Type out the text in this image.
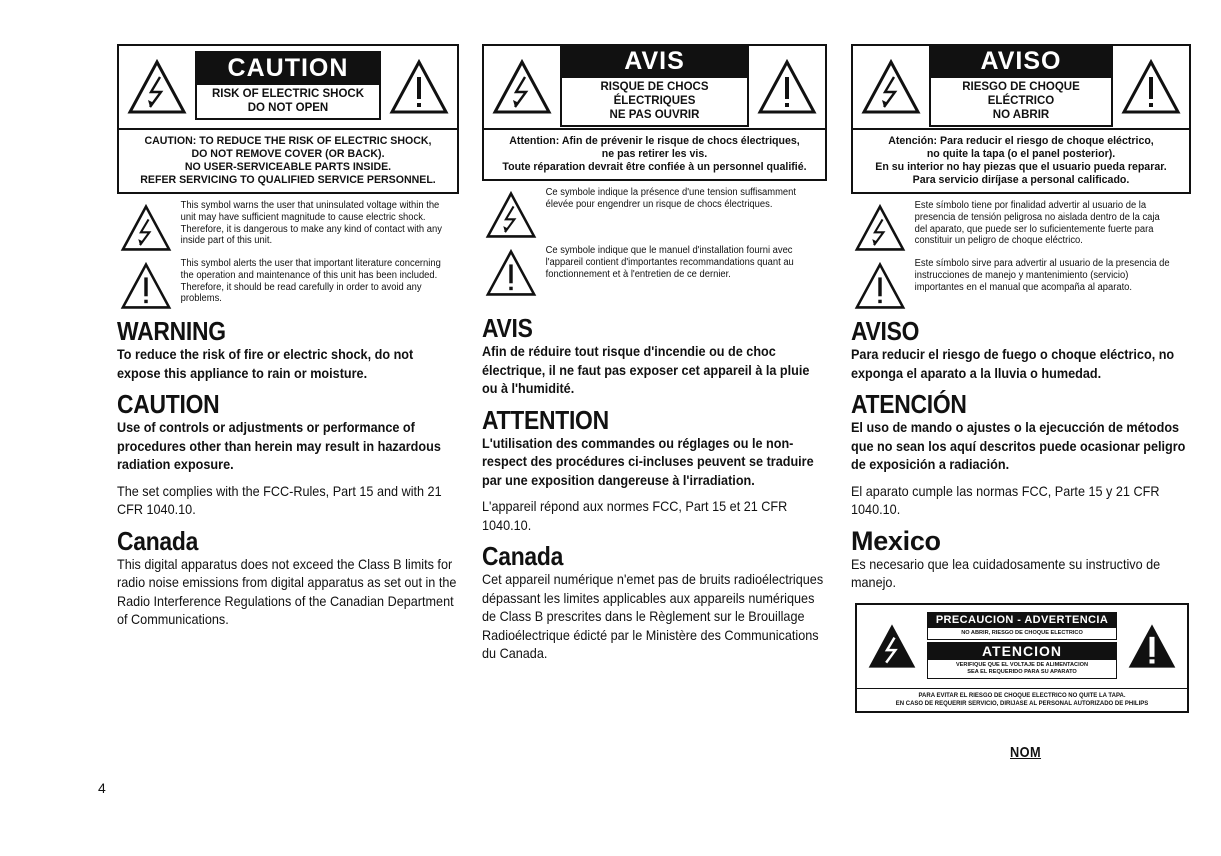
CAUTION
RISK OF ELECTRIC SHOCK
DO NOT OPEN
CAUTION: TO REDUCE THE RISK OF ELECTRIC SHOCK,
DO NOT REMOVE COVER (OR BACK).
NO USER-SERVICEABLE PARTS INSIDE.
REFER SERVICING TO QUALIFIED SERVICE PERSONNEL.
This symbol warns the user that uninsulated voltage within the unit may have sufficient magnitude to cause electric shock. Therefore, it is dangerous to make any kind of contact with any inside part of this unit.
This symbol alerts the user that important literature concerning the operation and maintenance of this unit has been included. Therefore, it should be read carefully in order to avoid any problems.
WARNING
To reduce the risk of fire or electric shock, do not expose this appliance to rain or moisture.
CAUTION
Use of controls or adjustments or performance of procedures other than herein may result in hazardous radiation exposure.
The set complies with the FCC-Rules, Part 15 and with 21 CFR 1040.10.
Canada
This digital apparatus does not exceed the Class B limits for radio noise emissions from digital apparatus as set out in the Radio Interference Regulations of the Canadian Department of Communications.
AVIS
RISQUE DE CHOCS ÉLECTRIQUES
NE PAS OUVRIR
Attention: Afin de prévenir le risque de chocs électriques,
ne pas retirer les vis.
Toute réparation devrait être confiée à un personnel qualifié.
Ce symbole indique la présence d'une tension suffisamment élevée pour engendrer un risque de chocs électriques.
Ce symbole indique que le manuel d'installation fourni avec l'appareil contient d'importantes recommandations quant au fonctionnement et à l'entretien de ce dernier.
AVIS
Afin de réduire tout risque d'incendie ou de choc électrique, il ne faut pas exposer cet appareil à la pluie ou à l'humidité.
ATTENTION
L'utilisation des commandes ou réglages ou le non-respect des procédures ci-incluses peuvent se traduire par une exposition dangereuse à l'irradiation.
L'appareil répond aux normes FCC, Part 15 et 21 CFR 1040.10.
Canada
Cet appareil numérique n'emet pas de bruits radioélectriques dépassant les limites applicables aux appareils numériques de Class B prescrites dans le Règlement sur le Brouillage Radioélectrique édicté par le Ministère des Communications du Canada.
AVISO
RIESGO DE CHOQUE ELÉCTRICO
NO ABRIR
Atención: Para reducir el riesgo de choque eléctrico,
no quite la tapa (o el panel posterior).
En su interior no hay piezas que el usuario pueda reparar.
Para servicio diríjase a personal calificado.
Este símbolo tiene por finalidad advertir al usuario de la presencia de tensión peligrosa no aislada dentro de la caja del aparato, que puede ser lo suficientemente fuerte para constituir un peligro de choque eléctrico.
Este símbolo sirve para advertir al usuario de la presencia de instrucciones de manejo y mantenimiento (servicio) importantes en el manual que acompaña al aparato.
AVISO
Para reducir el riesgo de fuego o choque eléctrico, no exponga el aparato a la lluvia o humedad.
ATENCIÓN
El uso de mando o ajustes o la ejecucción de métodos que no sean los aquí descritos puede ocasionar peligro de exposición a radiación.
El aparato cumple las normas FCC, Parte 15 y 21 CFR 1040.10.
Mexico
Es necesario que lea cuidadosamente su instructivo de manejo.
PRECAUCION - ADVERTENCIA
NO ABRIR, RIESGO DE CHOQUE ELECTRICO
ATENCION
VERIFIQUE QUE EL VOLTAJE DE ALIMENTACION
SEA EL REQUERIDO PARA SU APARATO
PARA EVITAR EL RIESGO DE CHOQUE ELECTRICO NO QUITE LA TAPA.
EN CASO DE REQUERIR SERVICIO, DIRIJASE AL PERSONAL AUTORIZADO DE PHILIPS
NOM
4
